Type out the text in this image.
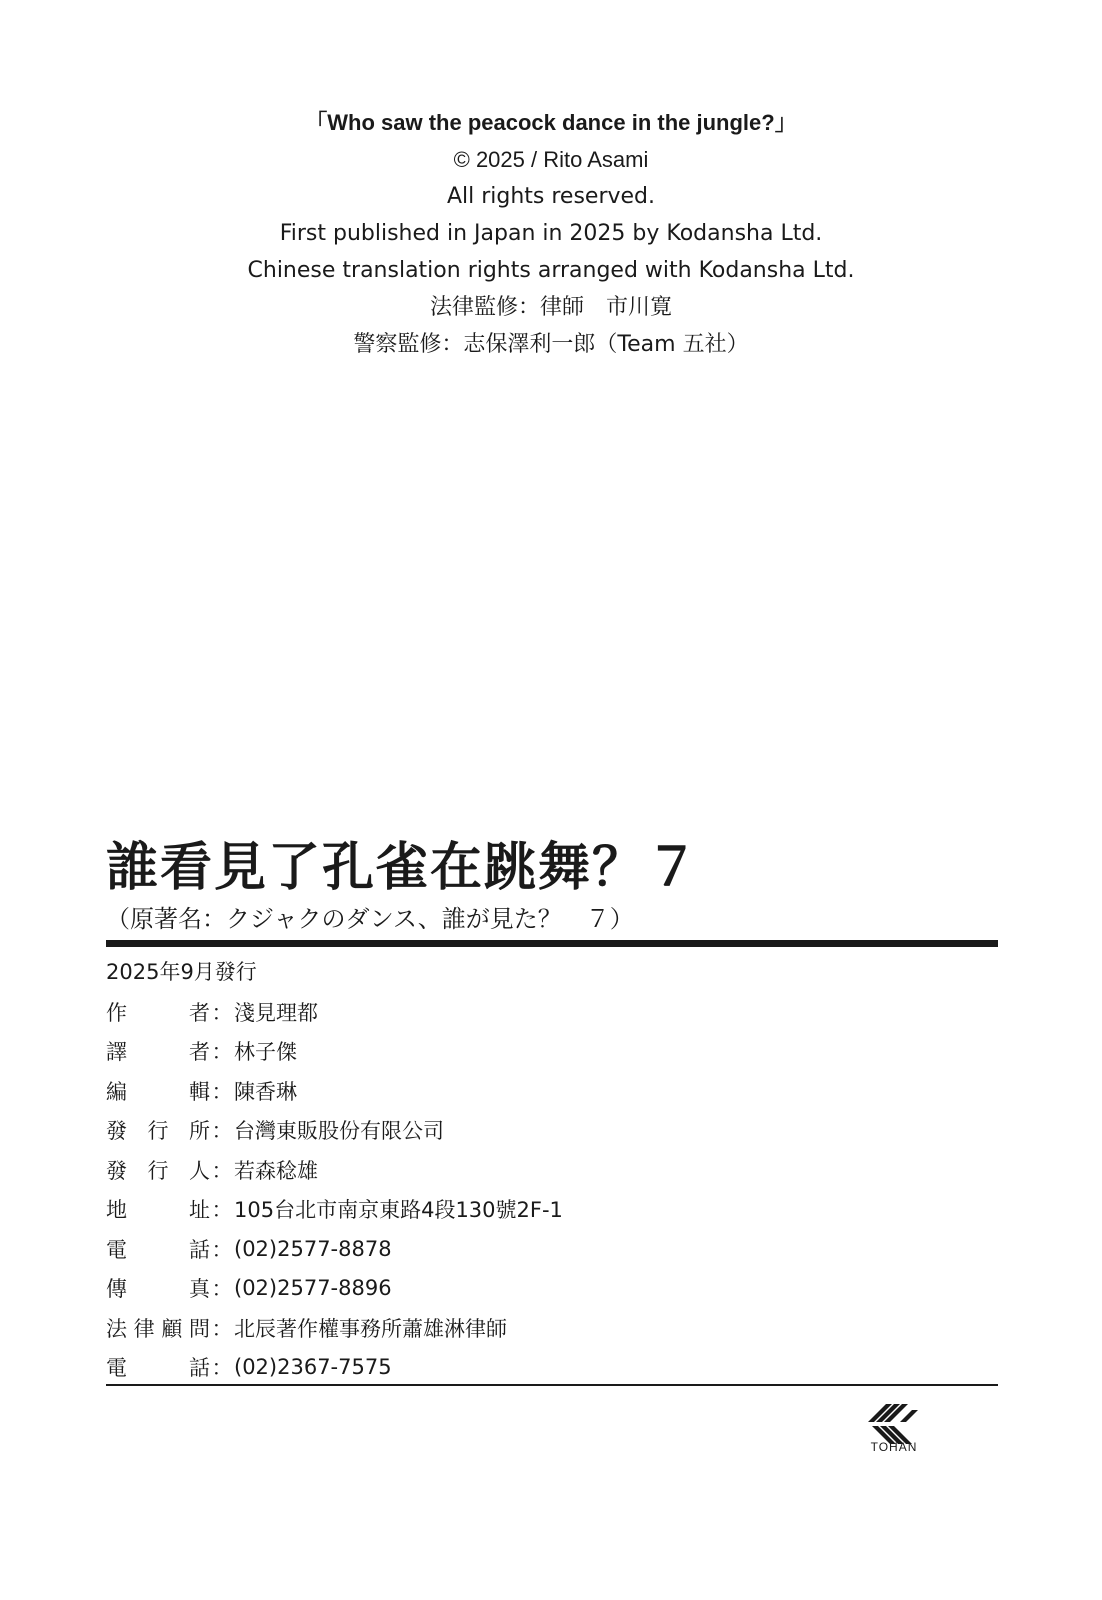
「Who saw the peacock dance in the jungle?」
© 2025 / Rito Asami
All rights reserved.
First published in Japan in 2025 by Kodansha Ltd.
Chinese translation rights arranged with Kodansha Ltd.
法律監修：律師　市川寛
警察監修：志保澤利一郎（Team 五社）
誰看見了孔雀在跳舞？７
（原著名：クジャクのダンス、誰が見た？　７）
2025年9月發行
作	者 ： 淺見理都
譯	者 ： 林子傑
編	輯 ： 陳香琳
發 行 所 ： 台灣東販股份有限公司
發 行 人 ： 若森稔雄
地	址 ： 105台北市南京東路4段130號2F-1
電	話 ： (02)2577-8878
傳	真 ： (02)2577-8896
法 律 顧 問 ： 北辰著作權事務所蕭雄淋律師
電	話 ： (02)2367-7575
TOHAN
